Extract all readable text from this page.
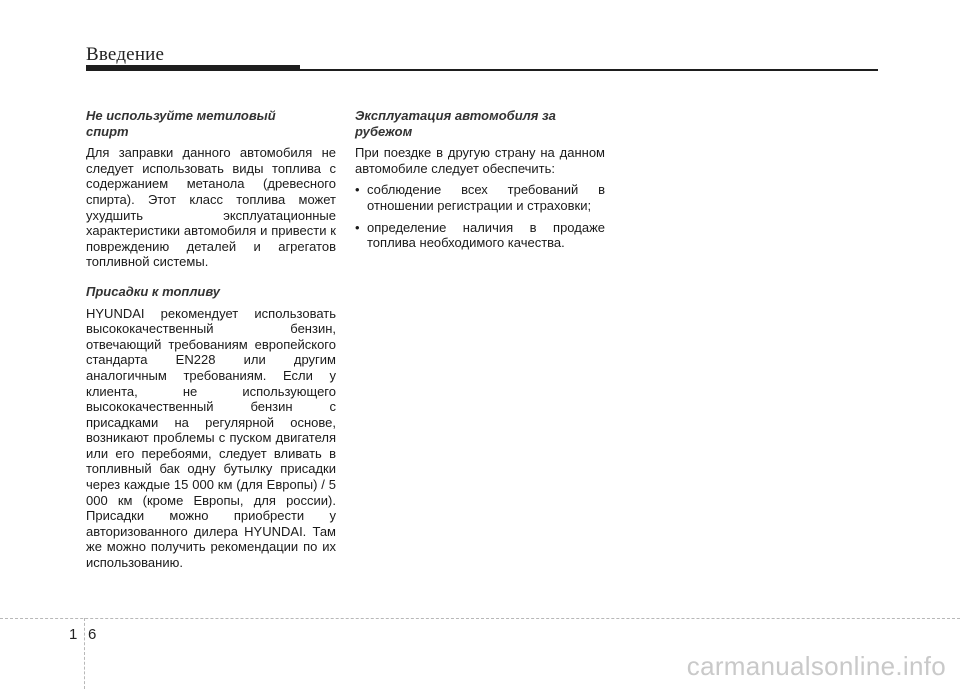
Введение
Не используйте метиловый
спирт

Для заправки данного автомобиля не следует использовать виды топлива с содержанием метанола (древесного спирта). Этот класс топлива может ухудшить эксплуатационные характеристики автомобиля и привести к повреждению деталей и агрегатов топливной системы.

Присадки к топливу

HYUNDAI рекомендует использовать высококачественный бензин, отвечающий требованиям европейского стандарта EN228 или другим аналогичным требованиям. Если у клиента, не использующего высококачественный бензин с присадками на регулярной основе, возникают проблемы с пуском двигателя или его перебоями, следует вливать в топливный бак одну бутылку присадки через каждые 15 000 км (для Европы) / 5 000 км (кроме Европы, для россии). Присадки можно приобрести у авторизованного дилера HYUNDAI. Там же можно получить рекомендации по их использованию.

Эксплуатация автомобиля за
рубежом

При поездке в другую страну на данном автомобиле следует обеспечить:

• соблюдение всех требований в отношении регистрации и страховки;
• определение наличия в продаже топлива необходимого качества.
1 6
carmanualsonline.info
